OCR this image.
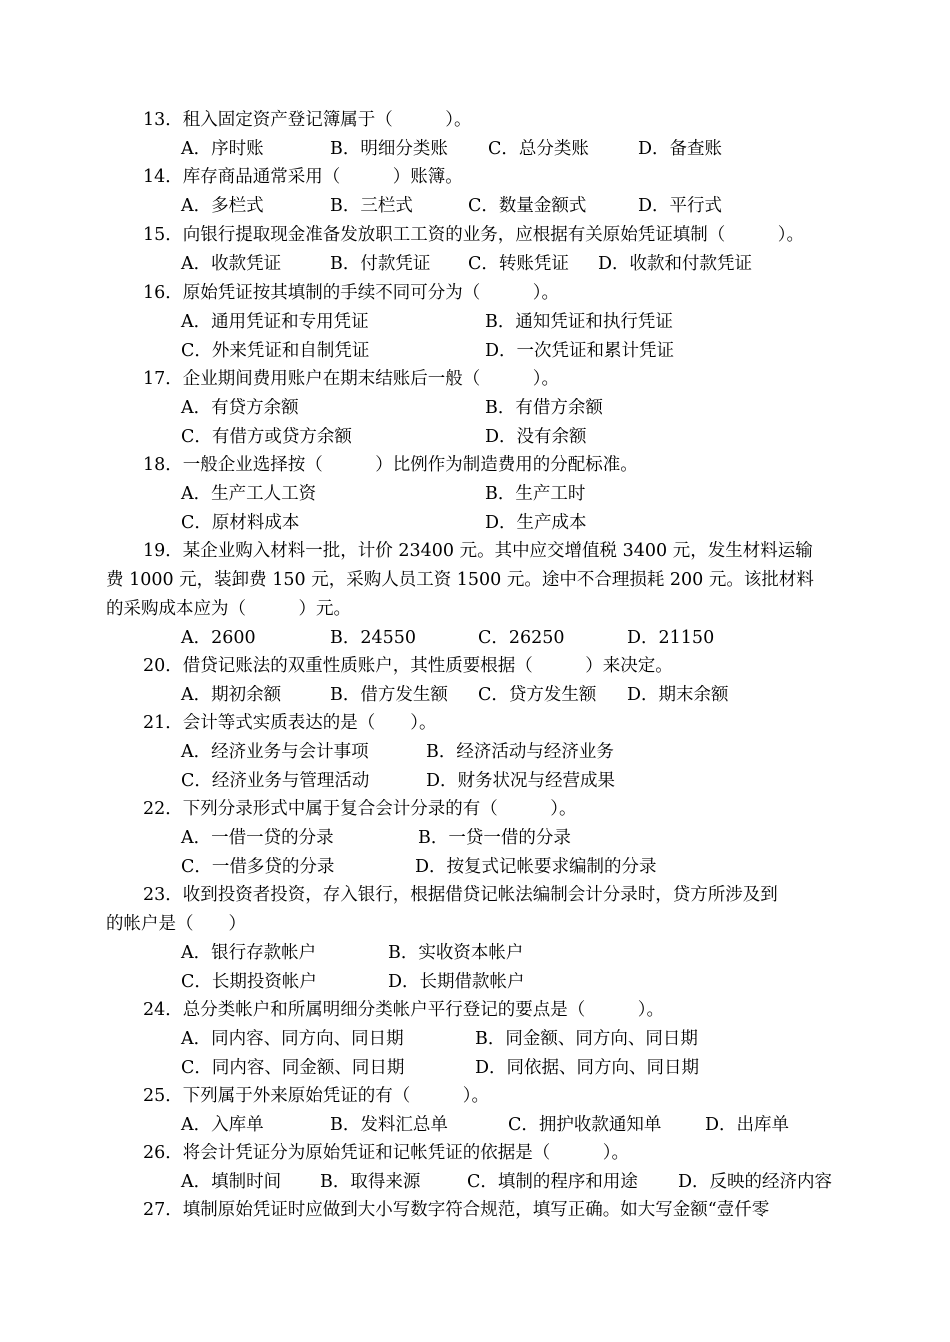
13．租入固定资产登记簿属于（　　　）。
A．序时账	B．明细分类账 C．总分类账	D．备查账
14．库存商品通常采用（　　　）账簿。
A．多栏式	B．三栏式	C．数量金额式	D．平行式
15．向银行提取现金准备发放职工工资的业务，应根据有关原始凭证填制（　　　）。
A．收款凭证	B．付款凭证 C．转账凭证 D．收款和付款凭证
16．原始凭证按其填制的手续不同可分为（　　　）。
A．通用凭证和专用凭证	B．通知凭证和执行凭证
C．外来凭证和自制凭证	D．一次凭证和累计凭证
17．企业期间费用账户在期末结账后一般（　　　）。
A．有贷方余额	B．有借方余额
C．有借方或贷方余额	D．没有余额
18．一般企业选择按（　　　）比例作为制造费用的分配标准。
A．生产工人工资	B．生产工时
C．原材料成本	D．生产成本
19．某企业购入材料一批，计价 23400 元。其中应交增值税 3400 元，发生材料运输
费 1000 元，装卸费 150 元，采购人员工资 1500 元。途中不合理损耗 200 元。该批材料
的采购成本应为（　　　）元。
A．2600	B．24550	C．26250	D．21150
20．借贷记账法的双重性质账户，其性质要根据（　　　）来决定。
A．期初余额	B．借方发生额 C．贷方发生额 D．期末余额
21．会计等式实质表达的是（　　）。
A．经济业务与会计事项	B．经济活动与经济业务
C．经济业务与管理活动	D．财务状况与经营成果
22．下列分录形式中属于复合会计分录的有（　　　）。
A．一借一贷的分录	B．一贷一借的分录
C．一借多贷的分录	D．按复式记帐要求编制的分录
23．收到投资者投资，存入银行，根据借贷记帐法编制会计分录时，贷方所涉及到
的帐户是（　　）
A．银行存款帐户	B．实收资本帐户
C．长期投资帐户	D．长期借款帐户
24．总分类帐户和所属明细分类帐户平行登记的要点是（　　　）。
A．同内容、同方向、同日期	B．同金额、同方向、同日期
C．同内容、同金额、同日期	D．同依据、同方向、同日期
25．下列属于外来原始凭证的有（　　　）。
A．入库单	B．发料汇总单	C．拥护收款通知单 D．出库单
26．将会计凭证分为原始凭证和记帐凭证的依据是（　　　）。
A．填制时间 B．取得来源	C．填制的程序和用途 D．反映的经济内容
27．填制原始凭证时应做到大小写数字符合规范，填写正确。如大写金额“壹仟零
